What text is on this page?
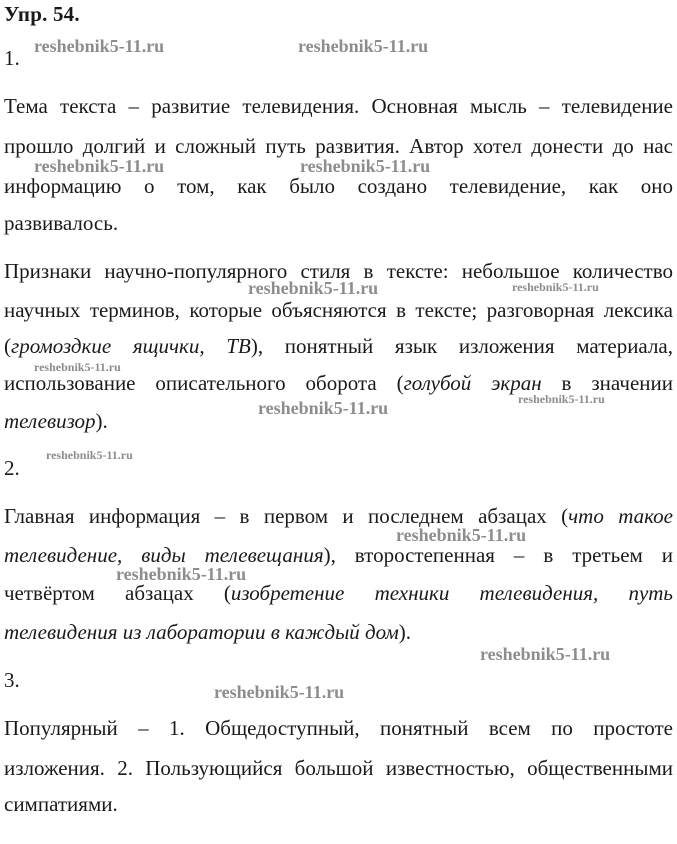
Упр. 54.
1.
Тема текста – развитие телевидения. Основная мысль – телевидение
прошло долгий и сложный путь развития. Автор хотел донести до нас
информацию о том, как было создано телевидение, как оно
развивалось.
Признаки научно-популярного стиля в тексте: небольшое количество
научных терминов, которые объясняются в тексте; разговорная лексика
(громоздкие ящички, ТВ), понятный язык изложения материала,
использование описательного оборота (голубой экран в значении
телевизор).
2.
Главная информация – в первом и последнем абзацах (что такое
телевидение, виды телевещания), второстепенная – в третьем и
четвёртом абзацах (изобретение техники телевидения, путь
телевидения из лаборатории в каждый дом).
3.
Популярный – 1. Общедоступный, понятный всем по простоте
изложения. 2. Пользующийся большой известностью, общественными
симпатиями.
reshebnik5-11.ru	reshebnik5-11.ru
reshebnik5-11.ru	reshebnik5-11.ru
reshebnik5-11.ru	reshebnik5-11.ru
reshebnik5-11.ru
reshebnik5-11.ru	reshebnik5-11.ru
reshebnik5-11.ru
reshebnik5-11.ru
reshebnik5-11.ru
reshebnik5-11.ru
reshebnik5-11.ru
